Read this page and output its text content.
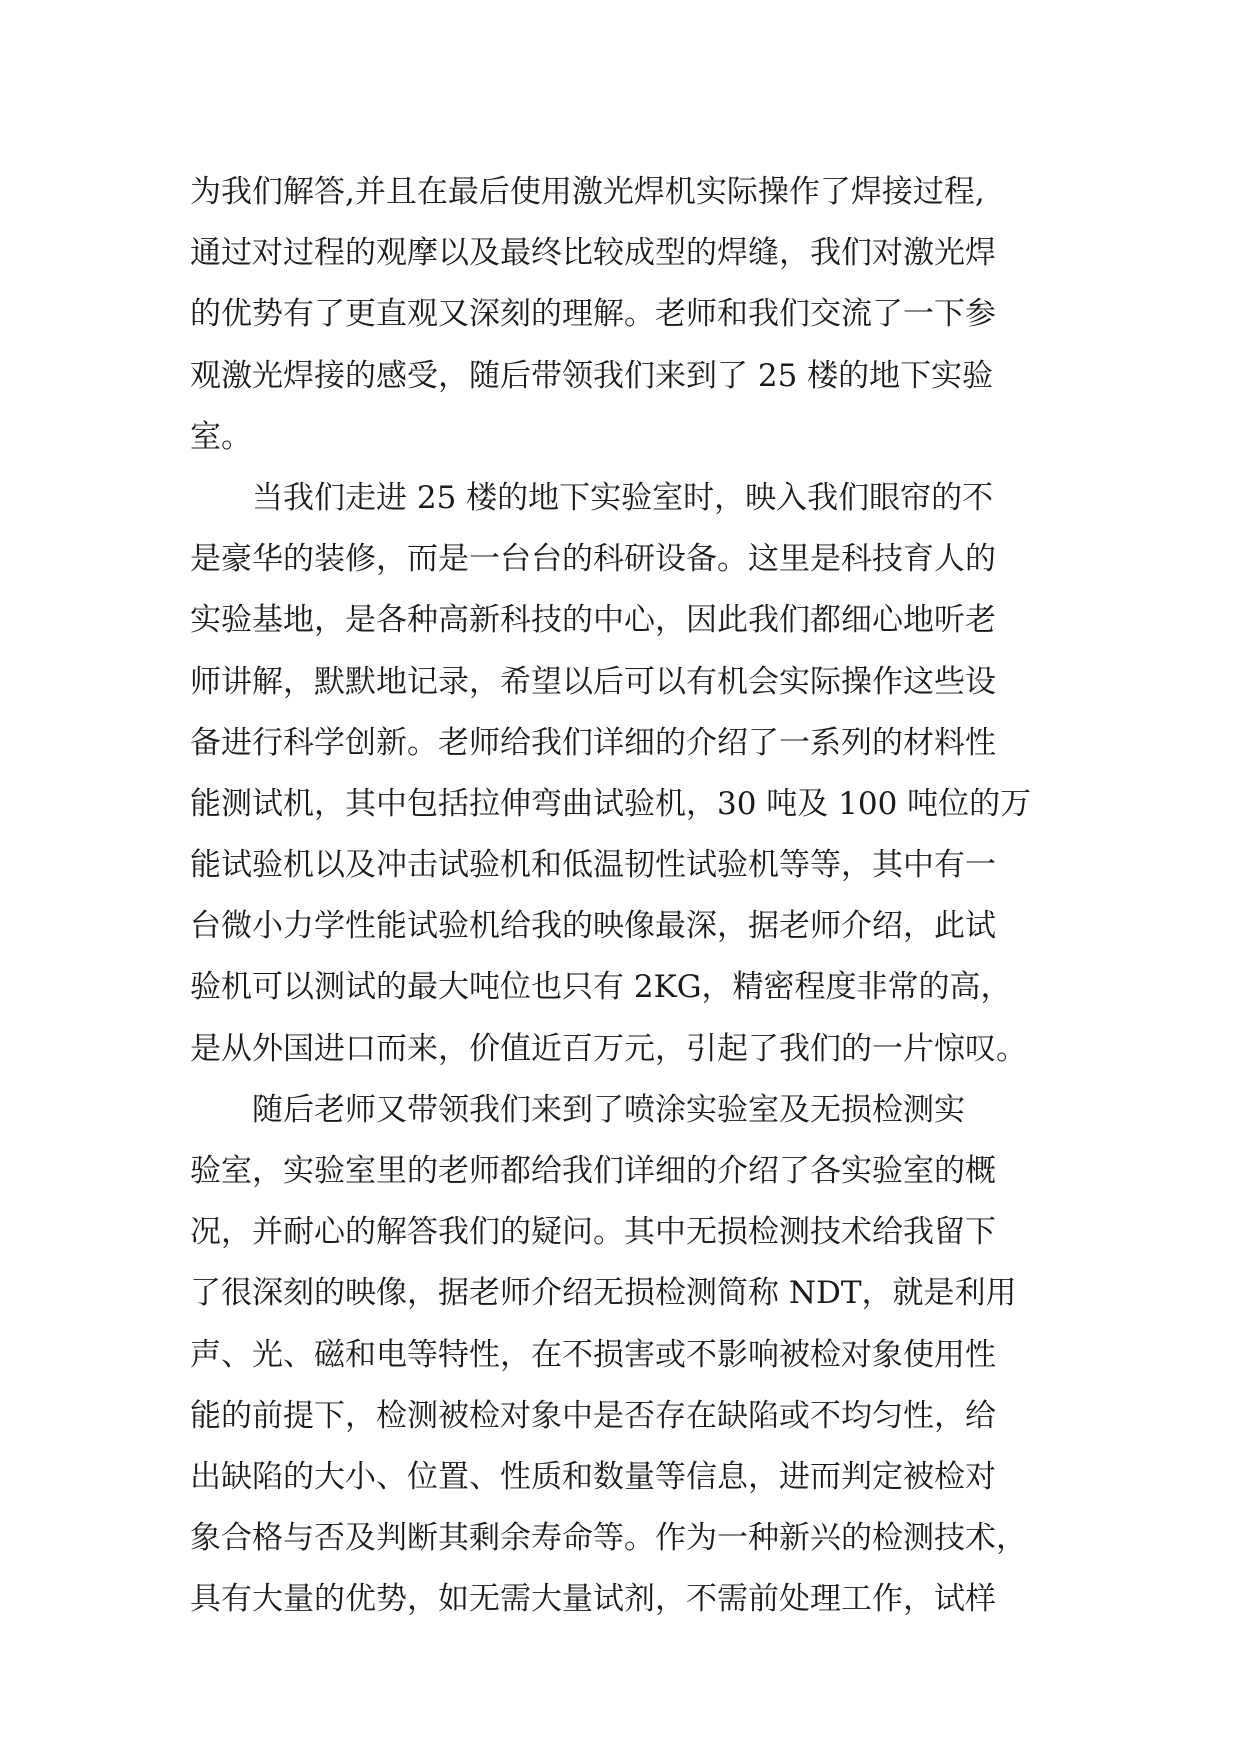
为我们解答,并且在最后使用激光焊机实际操作了焊接过程,
通过对过程的观摩以及最终比较成型的焊缝，我们对激光焊
的优势有了更直观又深刻的理解。老师和我们交流了一下参
观激光焊接的感受，随后带领我们来到了 25 楼的地下实验
室。
　　当我们走进 25 楼的地下实验室时，映入我们眼帘的不
是豪华的装修，而是一台台的科研设备。这里是科技育人的
实验基地，是各种高新科技的中心，因此我们都细心地听老
师讲解，默默地记录，希望以后可以有机会实际操作这些设
备进行科学创新。老师给我们详细的介绍了一系列的材料性
能测试机，其中包括拉伸弯曲试验机，30 吨及 100 吨位的万
能试验机以及冲击试验机和低温韧性试验机等等，其中有一
台微小力学性能试验机给我的映像最深，据老师介绍，此试
验机可以测试的最大吨位也只有 2KG，精密程度非常的高，
是从外国进口而来，价值近百万元，引起了我们的一片惊叹。
　　随后老师又带领我们来到了喷涂实验室及无损检测实
验室，实验室里的老师都给我们详细的介绍了各实验室的概
况，并耐心的解答我们的疑问。其中无损检测技术给我留下
了很深刻的映像，据老师介绍无损检测简称 NDT，就是利用
声、光、磁和电等特性，在不损害或不影响被检对象使用性
能的前提下，检测被检对象中是否存在缺陷或不均匀性，给
出缺陷的大小、位置、性质和数量等信息，进而判定被检对
象合格与否及判断其剩余寿命等。作为一种新兴的检测技术，
具有大量的优势，如无需大量试剂，不需前处理工作，试样
